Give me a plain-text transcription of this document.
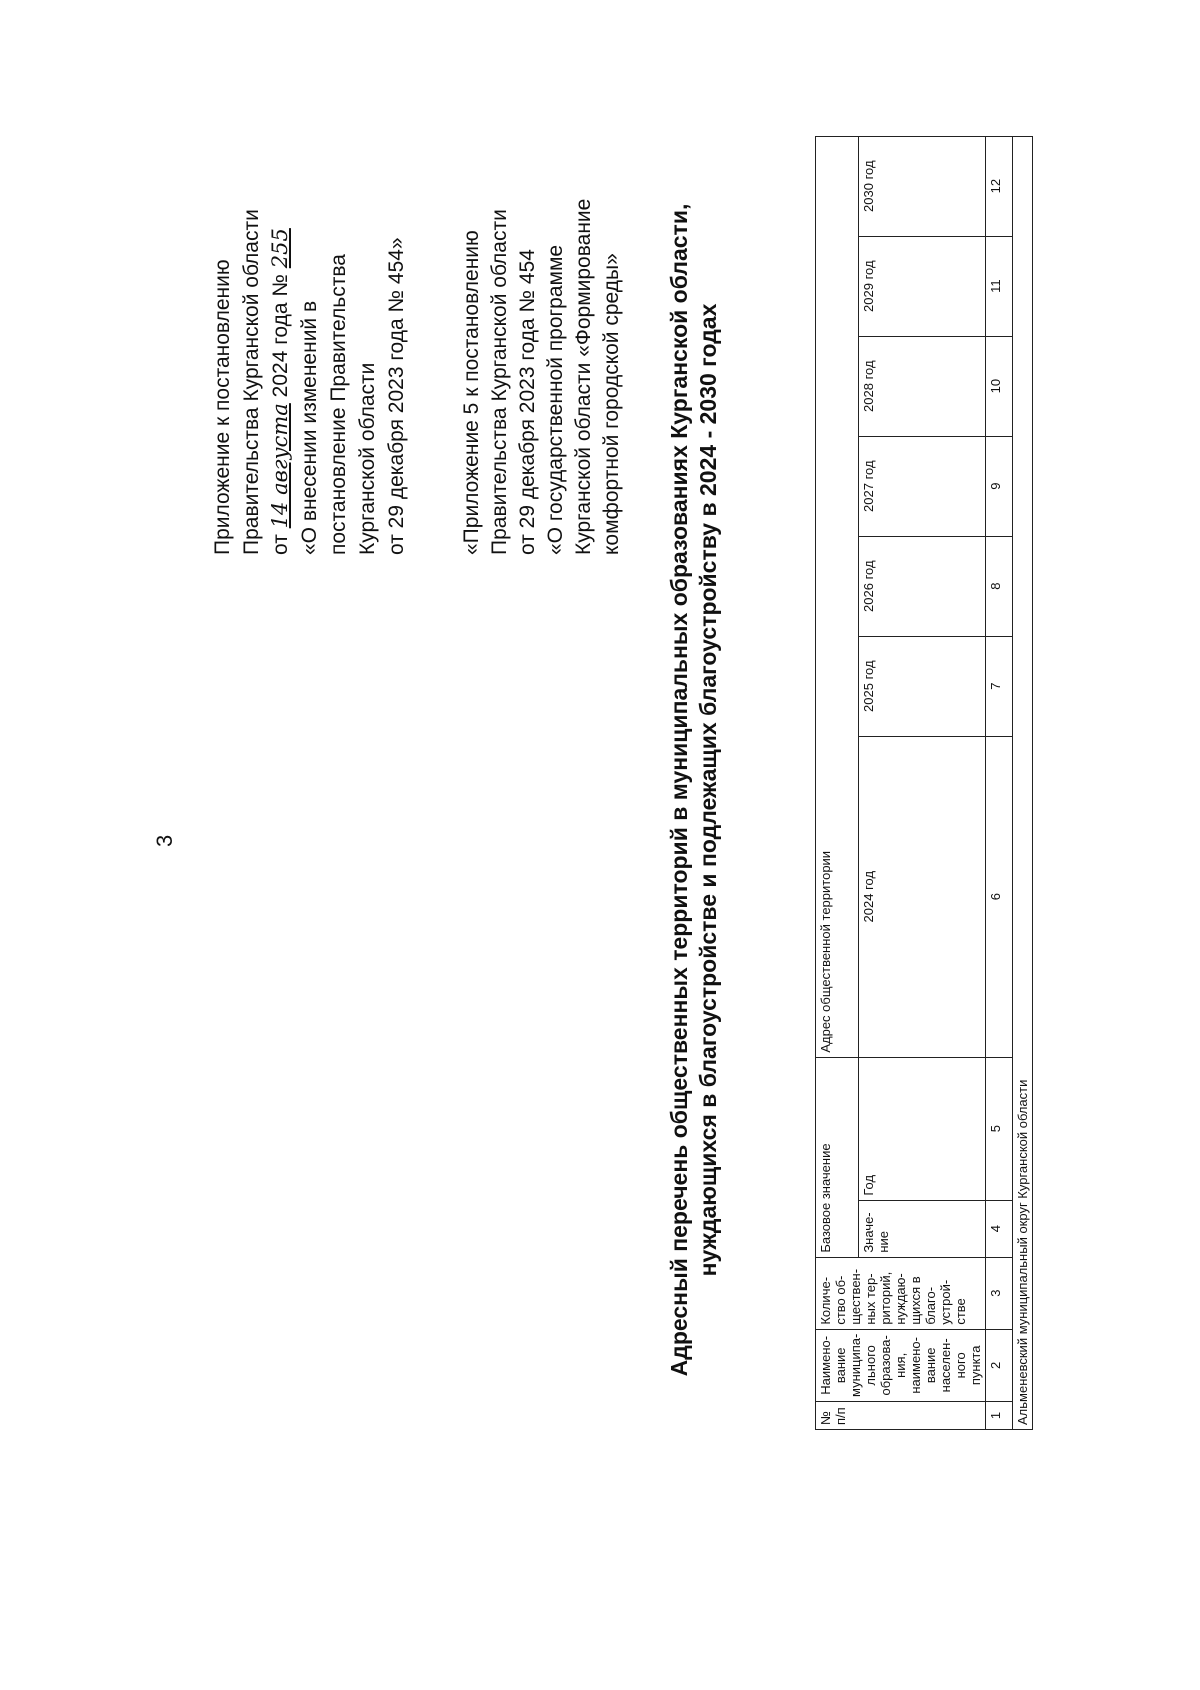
3
Приложение к постановлению Правительства Курганской области от 14 августа 2024 года № 255
«О внесении изменений в постановление Правительства Курганской области от 29 декабря 2023 года № 454» «Приложение 5 к постановлению Правительства Курганской области от 29 декабря 2023 года № 454 «О государственной программе Курганской области «Формирование комфортной городской среды» Адресный перечень общественных территорий в муниципальных образованиях Курганской области, нуждающихся в благоустройстве и подлежащих благоустройству в 2024 - 2030 годах
№ п/п	Наимено-вание муниципа-льного образова-ния, наимено-вание населен-ного пункта	Количе-ство об-ществен-ных тер-риторий, нуждаю-щихся в благо-устрой-стве	Базовое значение		Адрес общественной территории						
			Значе-ние	Год	2024 год	2025 год	2026 год	2027 год	2028 год	2029 год	2030 год
1	2	3	4	5	6	7	8	9	10	11	12
Альменевский муниципальный округ Курганской области											
